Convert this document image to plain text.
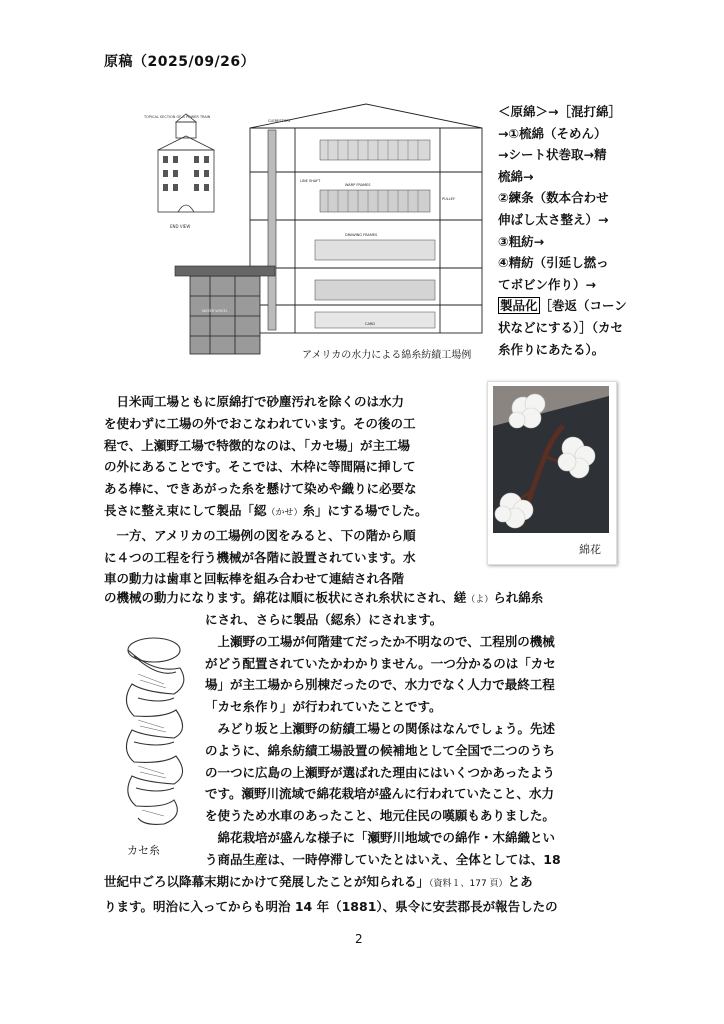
原稿（2025/09/26）
TOPICAL SECTION OF A POWER TRAIN
END VIEW
CLERESTORY
LINE SHAFT
WARP FRAMES
DRAWING FRAMES
CARD
PULLEY
WATER WHEEL
アメリカの水力による綿糸紡績工場例
＜原綿＞→［混打綿］
→①梳綿（そめん）
→シート状巻取→精
梳綿→
②練条（数本合わせ
伸ばし太さ整え）→
③粗紡→
④精紡（引延し撚っ
てボビン作り）→
製品化 ［巻返（コーン
状などにする）］（カセ
糸作りにあたる）。
綿花
カセ糸
　日米両工場ともに原綿打で砂塵汚れを除くのは水力
を使わずに工場の外でおこなわれています。その後の工
程で、上瀬野工場で特徴的なのは、「カセ場」が主工場
の外にあることです。そこでは、木枠に等間隔に挿して
ある棒に、できあがった糸を懸けて染めや織りに必要な
長さに整え束にして製品「綛（かせ）糸」にする場でした。
　一方、アメリカの工場例の図をみると、下の階から順
に４つの工程を行う機械が各階に設置されています。水
車の動力は歯車と回転棒を組み合わせて連結され各階
の機械の動力になります。綿花は順に板状にされ糸状にされ、縒（よ）られ綿糸
にされ、さらに製品（綛糸）にされます。
　上瀬野の工場が何階建てだったか不明なので、工程別の機械
がどう配置されていたかわかりません。一つ分かるのは「カセ
場」が主工場から別棟だったので、水力でなく人力で最終工程
「カセ糸作り」が行われていたことです。
　みどり坂と上瀬野の紡績工場との関係はなんでしょう。先述
のように、綿糸紡績工場設置の候補地として全国で二つのうち
の一つに広島の上瀬野が選ばれた理由にはいくつかあったよう
です。瀬野川流域で綿花栽培が盛んに行われていたこと、水力
を使うため水車のあったこと、地元住民の嘆願もありました。
　綿花栽培が盛んな様子に「瀬野川地域での綿作・木綿織とい
う商品生産は、一時停滞していたとはいえ、全体としては、18
世紀中ごろ以降幕末期にかけて発展したことが知られる」（資料１、177 頁）とあ
ります。明治に入ってからも明治 14 年（1881）、県令に安芸郡長が報告したの
2
